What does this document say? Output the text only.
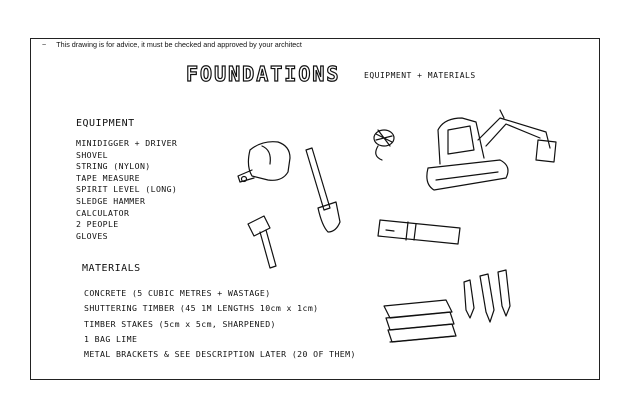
~ This drawing is for advice, it must be checked and approved by your architect
FOUNDATIONS	EQUIPMENT + MATERIALS
EQUIPMENT
MINIDIGGER + DRIVER
SHOVEL
STRING (NYLON)
TAPE MEASURE
SPIRIT LEVEL (LONG)
SLEDGE HAMMER
CALCULATOR
2 PEOPLE
GLOVES
MATERIALS
CONCRETE (5 CUBIC METRES + WASTAGE)
SHUTTERING TIMBER (45 1M LENGTHS 10cm x 1cm)
TIMBER STAKES (5cm x 5cm, SHARPENED)
1 BAG LIME
METAL BRACKETS & SEE DESCRIPTION LATER (20 OF THEM)
